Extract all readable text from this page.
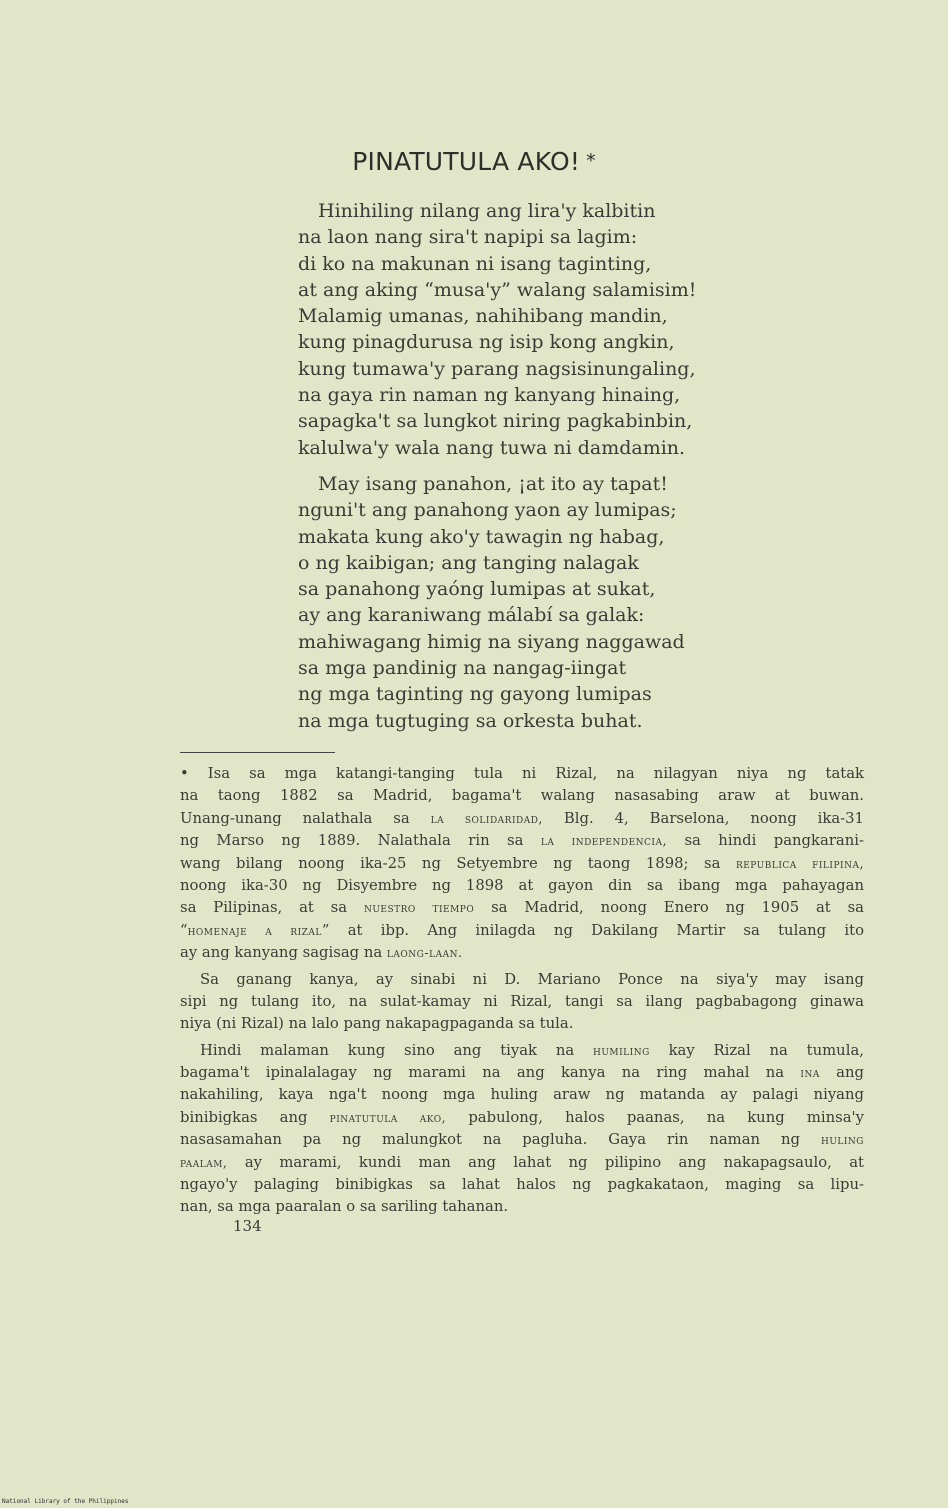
PINATUTULA AKO! *
Hinihiling nilang ang lira'y kalbitin
na laon nang sira't napipi sa lagim:
di ko na makunan ni isang taginting,
at ang aking “musa'y” walang salamisim!
Malamig umanas, nahihibang mandin,
kung pinagdurusa ng isip kong angkin,
kung tumawa'y parang nagsisinungaling,
na gaya rin naman ng kanyang hinaing,
sapagka't sa lungkot niring pagkabinbin,
kalulwa'y wala nang tuwa ni damdamin.
May isang panahon, ¡at ito ay tapat!
nguni't ang panahong yaon ay lumipas;
makata kung ako'y tawagin ng habag,
o ng kaibigan; ang tanging nalagak
sa panahong yaóng lumipas at sukat,
ay ang karaniwang málabí sa galak:
mahiwagang himig na siyang naggawad
sa mga pandinig na nangag-iingat
ng mga taginting ng gayong lumipas
na mga tugtuging sa orkesta buhat.
• Isa sa mga katangi-tanging tula ni Rizal, na nilagyan niya ng tatak
na taong 1882 sa Madrid, bagama't walang nasasabing araw at buwan.
Unang-unang nalathala sa la solidaridad, Blg. 4, Barselona, noong ika-31
ng Marso ng 1889. Nalathala rin sa la independencia, sa hindi pangkarani-
wang bilang noong ika-25 ng Setyembre ng taong 1898; sa republica filipina,
noong ika-30 ng Disyembre ng 1898 at gayon din sa ibang mga pahayagan
sa Pilipinas, at sa nuestro tiempo sa Madrid, noong Enero ng 1905 at sa
“homenaje a rizal” at ibp. Ang inilagda ng Dakilang Martir sa tulang ito
ay ang kanyang sagisag na laong-laan.
Sa ganang kanya, ay sinabi ni D. Mariano Ponce na siya'y may isang
sipi ng tulang ito, na sulat-kamay ni Rizal, tangi sa ilang pagbabagong ginawa
niya (ni Rizal) na lalo pang nakapagpaganda sa tula.
Hindi malaman kung sino ang tiyak na humiling kay Rizal na tumula,
bagama't ipinalalagay ng marami na ang kanya na ring mahal na ina ang
nakahiling, kaya nga't noong mga huling araw ng matanda ay palagi niyang
binibigkas ang pinatutula ako, pabulong, halos paanas, na kung minsa'y
nasasamahan pa ng malungkot na pagluha. Gaya rin naman ng huling
paalam, ay marami, kundi man ang lahat ng pilipino ang nakapagsaulo, at
ngayo'y palaging binibigkas sa lahat halos ng pagkakataon, maging sa lipu-
nan, sa mga paaralan o sa sariling tahanan.
134
National Library of the Philippines
